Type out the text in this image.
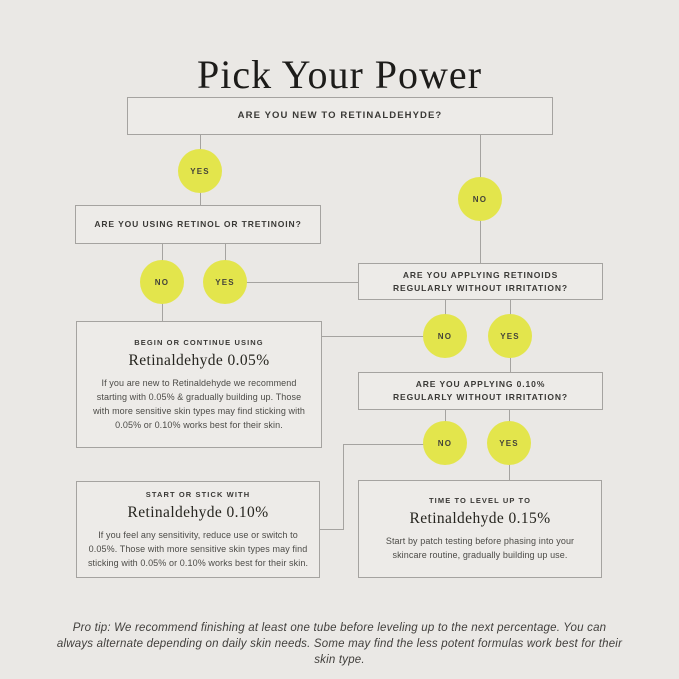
Pick Your Power
ARE YOU NEW TO RETINALDEHYDE?
ARE YOU USING RETINOL OR TRETINOIN?
ARE YOU APPLYING RETINOIDS
REGULARLY WITHOUT IRRITATION?
ARE YOU APPLYING 0.10%
REGULARLY WITHOUT IRRITATION?
BEGIN OR CONTINUE USING
Retinaldehyde 0.05%
If you are new to Retinaldehyde we recommend starting with 0.05% & gradually building up. Those with more sensitive skin types may find sticking with 0.05% or 0.10% works best for their skin.
START OR STICK WITH
Retinaldehyde 0.10%
If you feel any sensitivity, reduce use or switch to 0.05%. Those with more sensitive skin types may find sticking with 0.05% or 0.10% works best for their skin.
TIME TO LEVEL UP TO
Retinaldehyde 0.15%
Start by patch testing before phasing into your skincare routine, gradually building up use.
YES
NO
NO	YES
NO	YES
NO	YES
Pro tip: We recommend finishing at least one tube before leveling up to the next percentage. You can always alternate depending on daily skin needs. Some may find the less potent formulas work best for their skin type.
